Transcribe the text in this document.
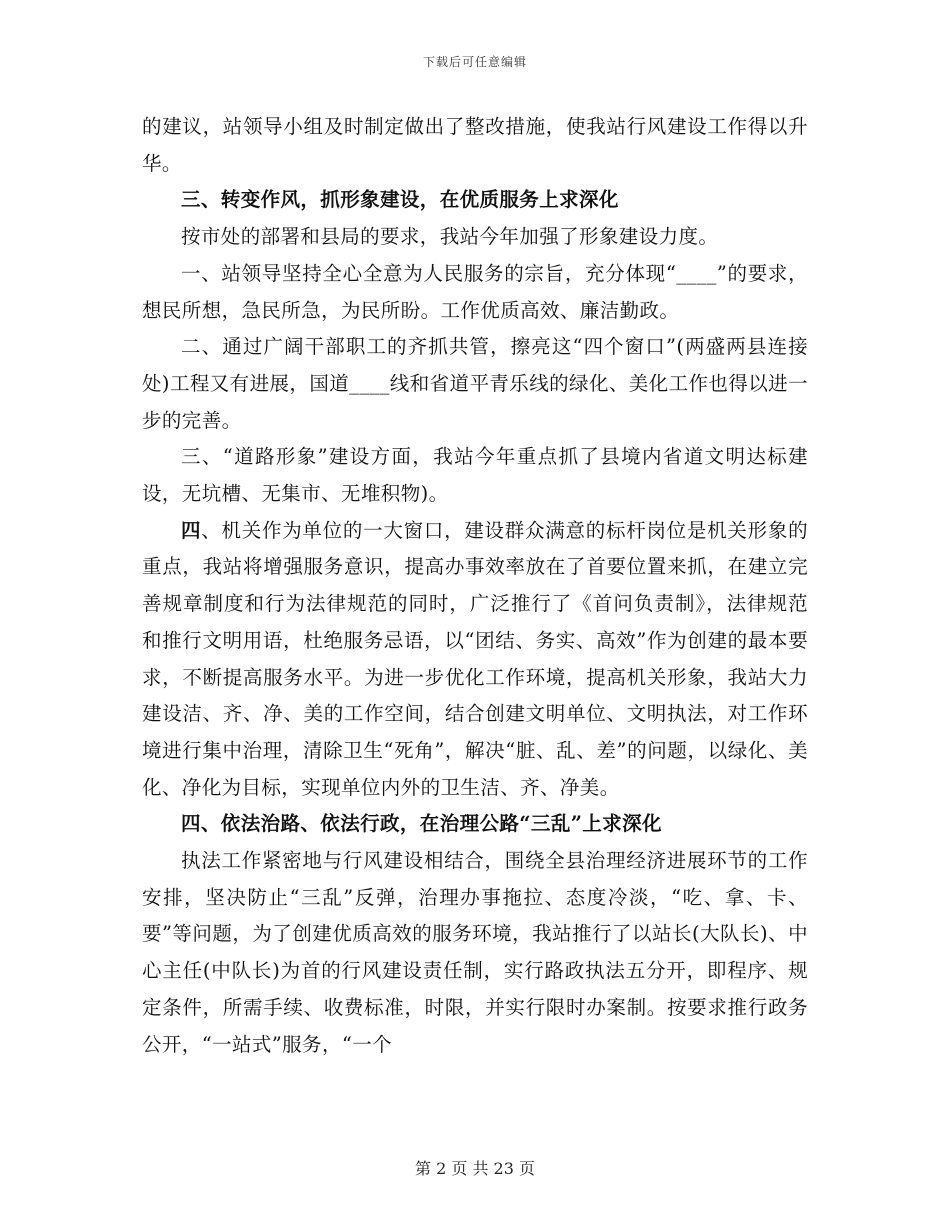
下载后可任意编辑

的建议，站领导小组及时制定做出了整改措施，使我站行风建设工作得以升华。

三、转变作风，抓形象建设，在优质服务上求深化

按市处的部署和县局的要求，我站今年加强了形象建设力度。

一、站领导坚持全心全意为人民服务的宗旨，充分体现“____”的要求，想民所想，急民所急，为民所盼。工作优质高效、廉洁勤政。

二、通过广阔干部职工的齐抓共管，擦亮这“四个窗口”(两盛两县连接处)工程又有进展，国道____线和省道平青乐线的绿化、美化工作也得以进一步的完善。

三、“道路形象”建设方面，我站今年重点抓了县境内省道文明达标建设，无坑槽、无集市、无堆积物)。

四、机关作为单位的一大窗口，建设群众满意的标杆岗位是机关形象的重点，我站将增强服务意识，提高办事效率放在了首要位置来抓，在建立完善规章制度和行为法律规范的同时，广泛推行了《首问负责制》，法律规范和推行文明用语，杜绝服务忌语，以“团结、务实、高效”作为创建的最本要求，不断提高服务水平。为进一步优化工作环境，提高机关形象，我站大力建设洁、齐、净、美的工作空间，结合创建文明单位、文明执法，对工作环境进行集中治理，清除卫生“死角”，解决“脏、乱、差”的问题，以绿化、美化、净化为目标，实现单位内外的卫生洁、齐、净美。

四、依法治路、依法行政，在治理公路“三乱”上求深化

执法工作紧密地与行风建设相结合，围绕全县治理经济进展环节的工作安排，坚决防止“三乱”反弹，治理办事拖拉、态度冷淡，“吃、拿、卡、要”等问题，为了创建优质高效的服务环境，我站推行了以站长(大队长)、中心主任(中队长)为首的行风建设责任制，实行路政执法五分开，即程序、规定条件，所需手续、收费标准，时限，并实行限时办案制。按要求推行政务公开，“一站式”服务，“一个

第 2 页 共 23 页
